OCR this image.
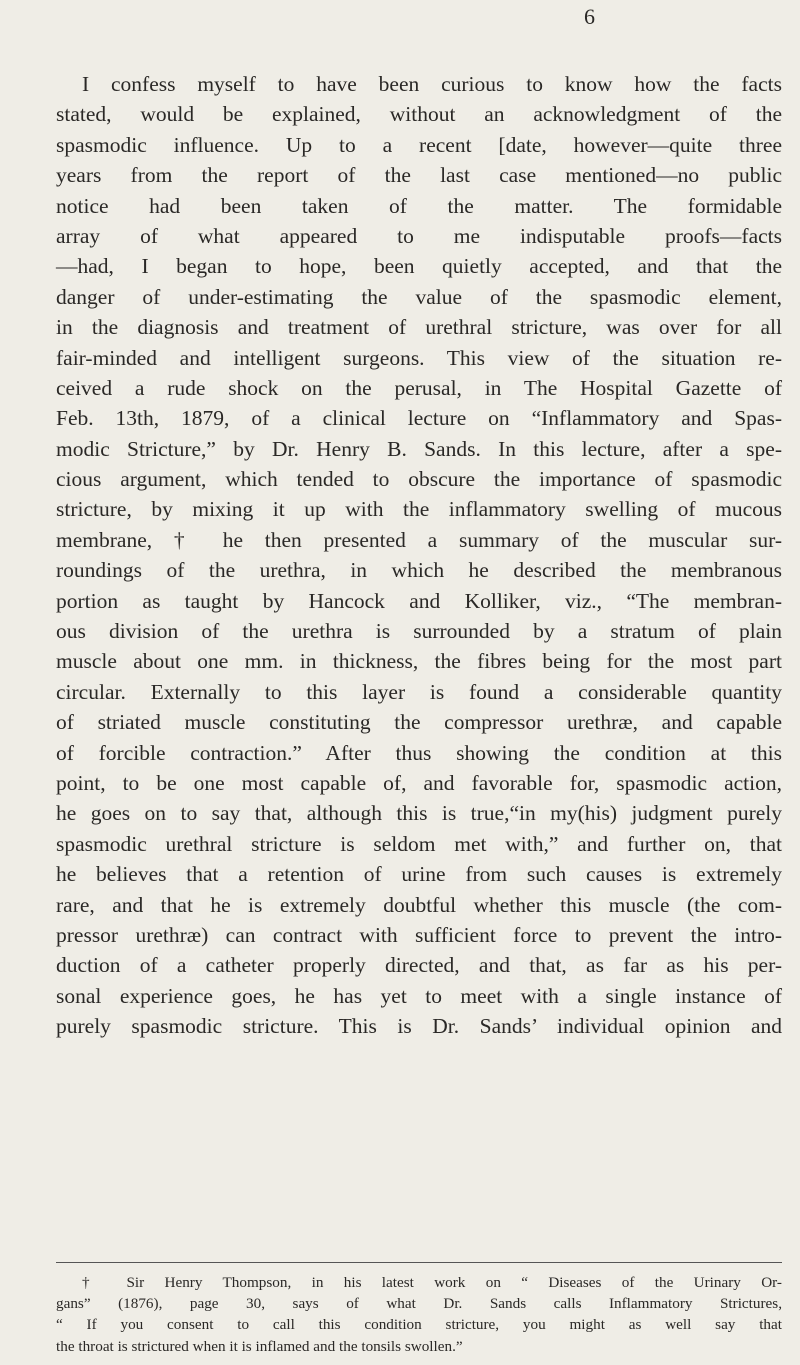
6
I confess myself to have been curious to know how the facts
stated, would be explained, without an acknowledgment of the
spasmodic influence. Up to a recent [date, however—quite three
years from the report of the last case mentioned—no public
notice had been taken of the matter. The formidable
array of what appeared to me indisputable proofs—facts
—had, I began to hope, been quietly accepted, and that the
danger of under-estimating the value of the spasmodic element,
in the diagnosis and treatment of urethral stricture, was over for all
fair-minded and intelligent surgeons. This view of the situation re-
ceived a rude shock on the perusal, in The Hospital Gazette of
Feb. 13th, 1879, of a clinical lecture on “Inflammatory and Spas-
modic Stricture,” by Dr. Henry B. Sands. In this lecture, after a spe-
cious argument, which tended to obscure the importance of spasmodic
stricture, by mixing it up with the inflammatory swelling of mucous
membrane, † he then presented a summary of the muscular sur-
roundings of the urethra, in which he described the membranous
portion as taught by Hancock and Kolliker, viz., “The membran-
ous division of the urethra is surrounded by a stratum of plain
muscle about one mm. in thickness, the fibres being for the most part
circular. Externally to this layer is found a considerable quantity
of striated muscle constituting the compressor urethræ, and capable
of forcible contraction.” After thus showing the condition at this
point, to be one most capable of, and favorable for, spasmodic action,
he goes on to say that, although this is true,“in my(his) judgment purely
spasmodic urethral stricture is seldom met with,” and further on, that
he believes that a retention of urine from such causes is extremely
rare, and that he is extremely doubtful whether this muscle (the com-
pressor urethræ) can contract with sufficient force to prevent the intro-
duction of a catheter properly directed, and that, as far as his per-
sonal experience goes, he has yet to meet with a single instance of
purely spasmodic stricture. This is Dr. Sands’ individual opinion and
† Sir Henry Thompson, in his latest work on “ Diseases of the Urinary Or-
gans” (1876), page 30, says of what Dr. Sands calls Inflammatory Strictures,
“ If you consent to call this condition stricture, you might as well say that
the throat is strictured when it is inflamed and the tonsils swollen.”
